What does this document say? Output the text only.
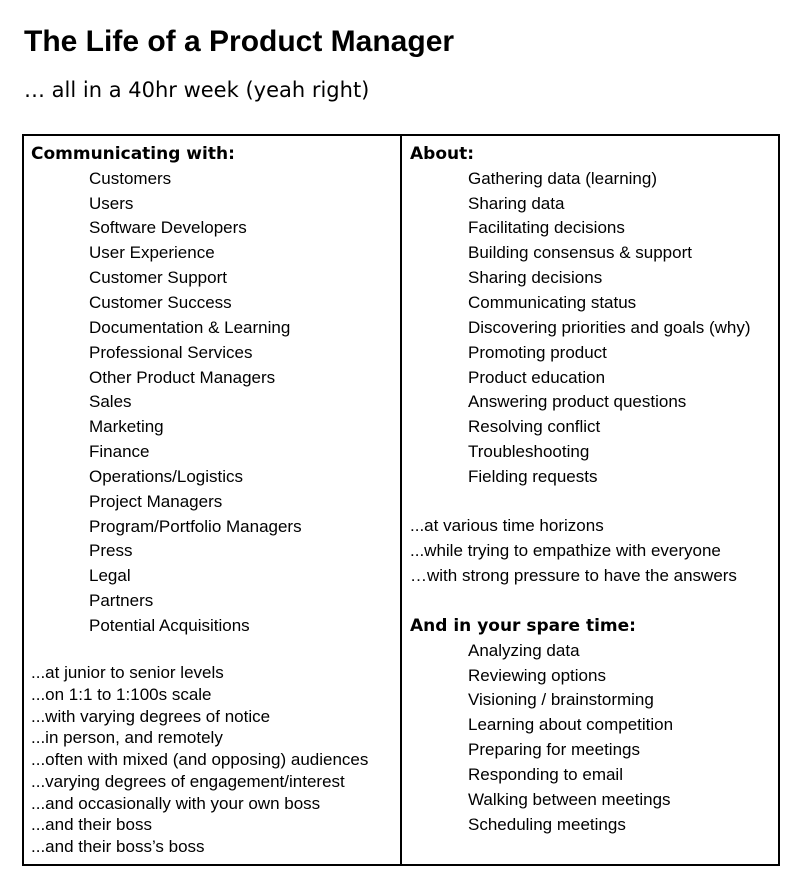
The Life of a Product Manager
… all in a 40hr week (yeah right)
Communicating with:
Customers
Users
Software Developers
User Experience
Customer Support
Customer Success
Documentation & Learning
Professional Services
Other Product Managers
Sales
Marketing
Finance
Operations/Logistics
Project Managers
Program/Portfolio Managers
Press
Legal
Partners
Potential Acquisitions
...at junior to senior levels
...on 1:1 to 1:100s scale
...with varying degrees of notice
...in person, and remotely
...often with mixed (and opposing) audiences
...varying degrees of engagement/interest
...and occasionally with your own boss
...and their boss
...and their boss’s boss
About:
Gathering data (learning)
Sharing data
Facilitating decisions
Building consensus & support
Sharing decisions
Communicating status
Discovering priorities and goals (why)
Promoting product
Product education
Answering product questions
Resolving conflict
Troubleshooting
Fielding requests
...at various time horizons
...while trying to empathize with everyone
…with strong pressure to have the answers
And in your spare time:
Analyzing data
Reviewing options
Visioning / brainstorming
Learning about competition
Preparing for meetings
Responding to email
Walking between meetings
Scheduling meetings
